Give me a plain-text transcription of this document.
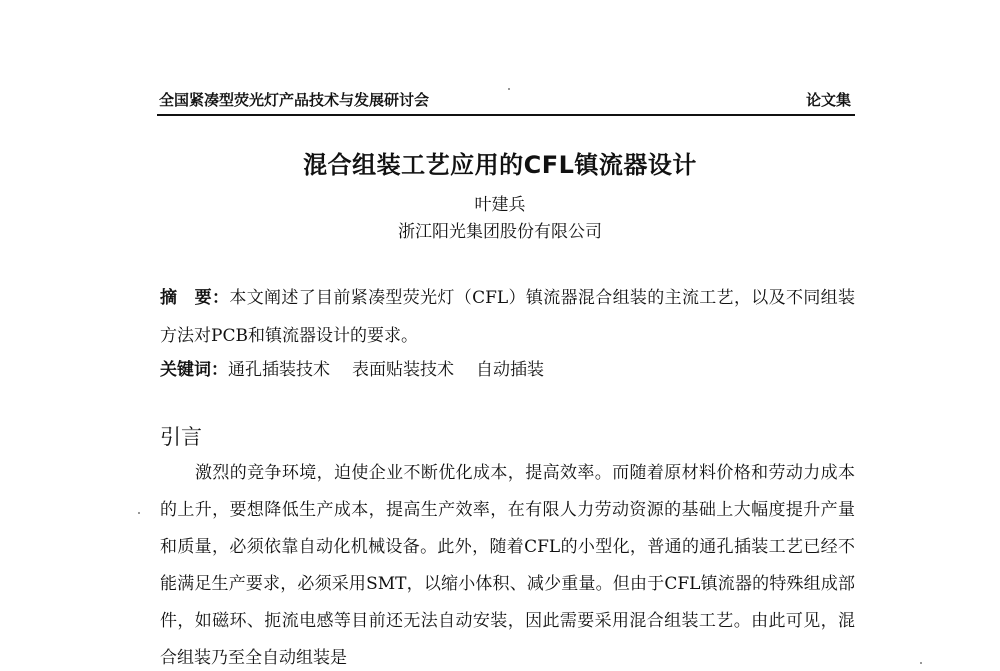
全国紧凑型荧光灯产品技术与发展研讨会	论文集
混合组装工艺应用的CFL镇流器设计
叶建兵
浙江阳光集团股份有限公司
摘　要：本文阐述了目前紧凑型荧光灯（CFL）镇流器混合组装的主流工艺，以及不同组装方法对PCB和镇流器设计的要求。
关键词：通孔插装技术 表面贴装技术 自动插装
引言

激烈的竞争环境，迫使企业不断优化成本，提高效率。而随着原材料价格和劳动力成本的上升，要想降低生产成本，提高生产效率，在有限人力劳动资源的基础上大幅度提升产量和质量，必须依靠自动化机械设备。此外，随着CFL的小型化，普通的通孔插装工艺已经不能满足生产要求，必须采用SMT，以缩小体积、减少重量。但由于CFL镇流器的特殊组成部件，如磁环、扼流电感等目前还无法自动安装，因此需要采用混合组装工艺。由此可见，混合组装乃至全自动组装是
